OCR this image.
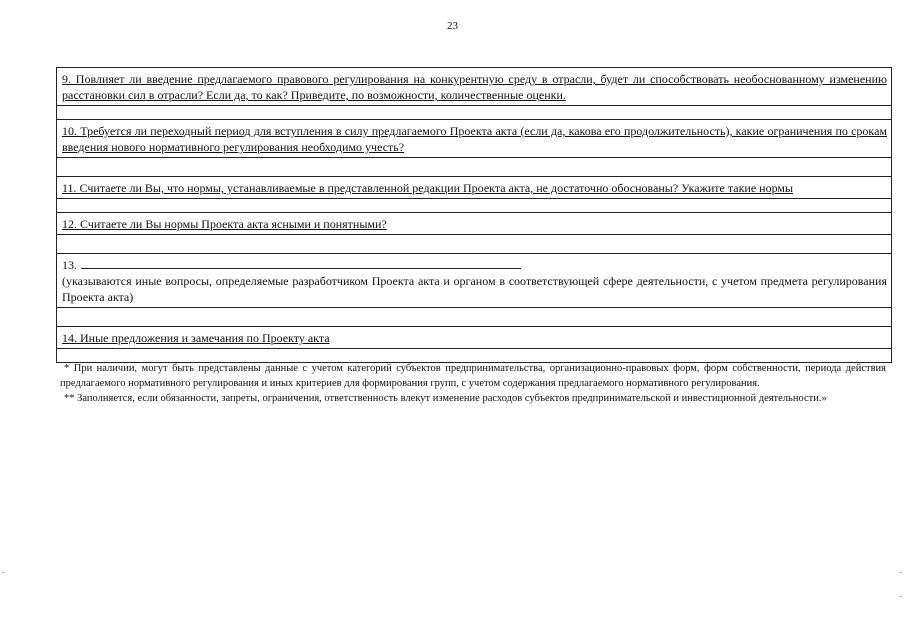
23
9. Повлияет ли введение предлагаемого правового регулирования на конкурентную среду в отрасли, будет ли способствовать необоснованному изменению расстановки сил в отрасли? Если да, то как? Приведите, по возможности, количественные оценки.
10. Требуется ли переходный период для вступления в силу предлагаемого Проекта акта (если да, какова его продолжительность), какие ограничения по срокам введения нового нормативного регулирования необходимо учесть?
11. Считаете ли Вы, что нормы, устанавливаемые в представленной редакции Проекта акта, не достаточно обоснованы? Укажите такие нормы
12. Считаете ли Вы нормы Проекта акта ясными и понятными?
13.
(указываются иные вопросы, определяемые разработчиком Проекта акта и органом в соответствующей сфере деятельности, с учетом предмета регулирования Проекта акта)
14. Иные предложения и замечания по Проекту акта

* При наличии, могут быть представлены данные с учетом категорий субъектов предпринимательства, организационно-правовых форм, форм собственности, периода действия предлагаемого нормативного регулирования и иных критериев для формирования групп, с учетом содержания предлагаемого нормативного регулирования.

** Заполняется, если обязанности, запреты, ограничения, ответственность влекут изменение расходов субъектов предпринимательской и инвестиционной деятельности.»
